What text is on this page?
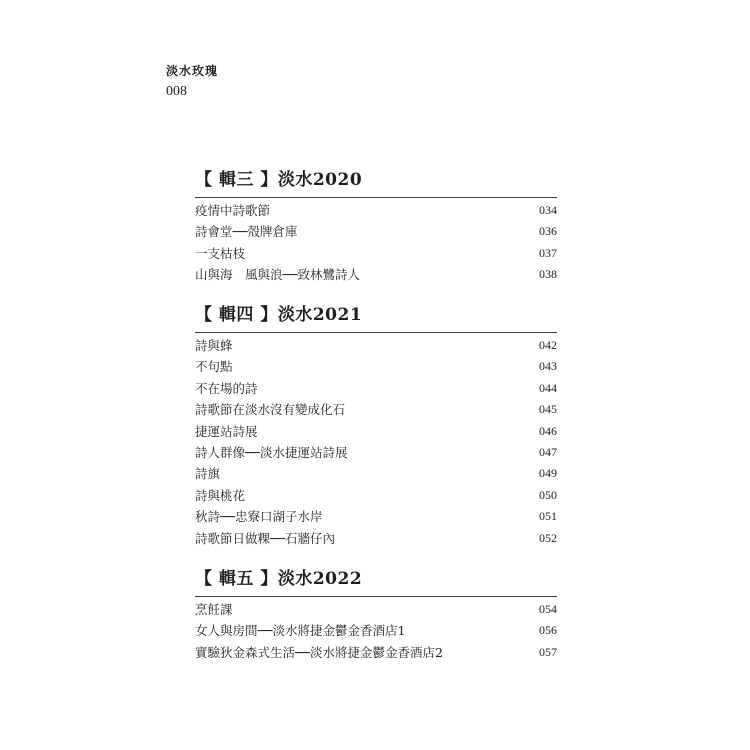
淡水玫瑰
008
【 輯三 】淡水2020
疫情中詩歌節	034
詩會堂──殼牌倉庫	036
一支枯枝	037
山與海　風與浪──致林鷺詩人	038
【 輯四 】淡水2021
詩與蜂	042
不句點	043
不在場的詩	044
詩歌節在淡水沒有變成化石	045
捷運站詩展	046
詩人群像──淡水捷運站詩展	047
詩旗	049
詩與桃花	050
秋詩──忠寮口湖子水岸	051
詩歌節日做粿──石牆仔內	052
【 輯五 】淡水2022
烹飪課	054
女人與房間──淡水將捷金鬱金香酒店1	056
實驗狄金森式生活──淡水將捷金鬱金香酒店2	057
